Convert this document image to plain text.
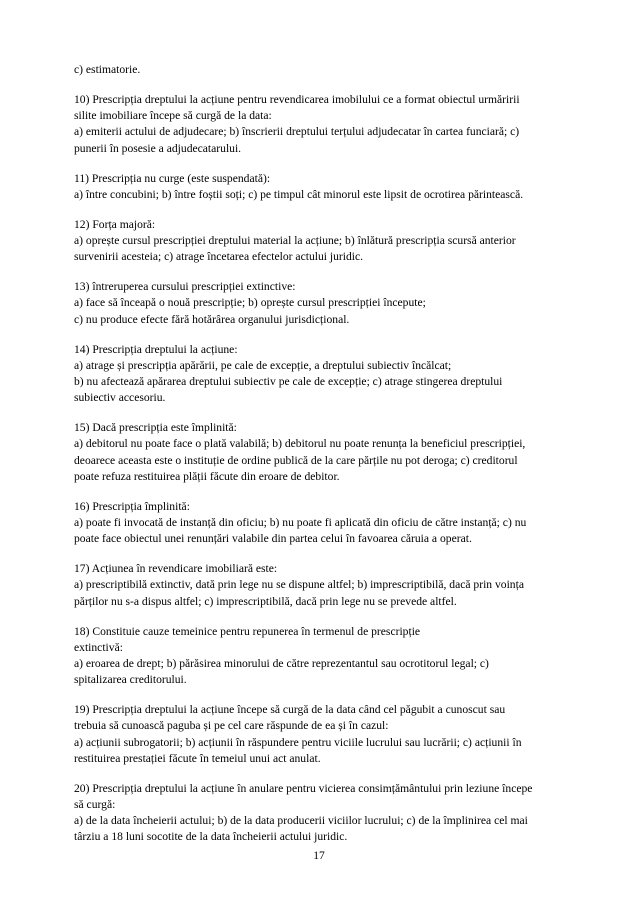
c) estimatorie.

10) Prescripția dreptului la acțiune pentru revendicarea imobilului ce a format obiectul urmăririi
silite imobiliare începe să curgă de la data:
a) emiterii actului de adjudecare; b) înscrierii dreptului terțului adjudecatar în cartea funciară; c)
punerii în posesie a adjudecatarului.

11) Prescripția nu curge (este suspendată):
a) între concubini; b) între foștii soți; c) pe timpul cât minorul este lipsit de ocrotirea părintească.

12) Forța majoră:
a) oprește cursul prescripției dreptului material la acțiune; b) înlătură prescripția scursă anterior
survenirii acesteia; c) atrage încetarea efectelor actului juridic.

13) întreruperea cursului prescripției extinctive:
a) face să înceapă o nouă prescripție; b) oprește cursul prescripției începute;
c) nu produce efecte fără hotărârea organului jurisdicțional.

14) Prescripția dreptului la acțiune:
a) atrage și prescripția apărării, pe cale de excepție, a dreptului subiectiv încălcat;
b) nu afectează apărarea dreptului subiectiv pe cale de excepție; c) atrage stingerea dreptului
subiectiv accesoriu.

15) Dacă prescripția este împlinită:
a) debitorul nu poate face o plată valabilă; b) debitorul nu poate renunța la beneficiul prescripției,
deoarece aceasta este o instituție de ordine publică de la care părțile nu pot deroga; c) creditorul
poate refuza restituirea plății făcute din eroare de debitor.

16) Prescripția împlinită:
a) poate fi invocată de instanță din oficiu; b) nu poate fi aplicată din oficiu de către instanță; c) nu
poate face obiectul unei renunțări valabile din partea celui în favoarea căruia a operat.

17) Acțiunea în revendicare imobiliară este:
a) prescriptibilă extinctiv, dată prin lege nu se dispune altfel; b) imprescriptibilă, dacă prin voința
părților nu s-a dispus altfel; c) imprescriptibilă, dacă prin lege nu se prevede altfel.

18) Constituie cauze temeinice pentru repunerea în termenul de prescripție
extinctivă:
a) eroarea de drept; b) părăsirea minorului de către reprezentantul sau ocrotitorul legal; c)
spitalizarea creditorului.

19) Prescripția dreptului la acțiune începe să curgă de la data când cel păgubit a cunoscut sau
trebuia să cunoască paguba și pe cel care răspunde de ea și în cazul:
a) acțiunii subrogatorii; b) acțiunii în răspundere pentru viciile lucrului sau lucrării; c) acțiunii în
restituirea prestației făcute în temeiul unui act anulat.

20) Prescripția dreptului la acțiune în anulare pentru vicierea consimțământului prin leziune începe
să curgă:
a) de la data încheierii actului; b) de la data producerii viciilor lucrului; c) de la împlinirea cel mai
târziu a 18 luni socotite de la data încheierii actului juridic.

17
